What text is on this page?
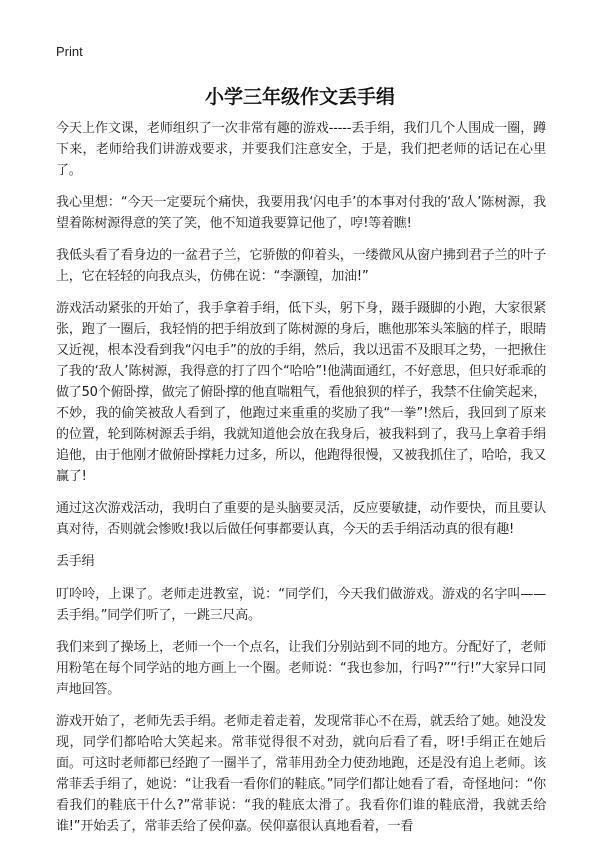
Print
小学三年级作文丢手绢

今天上作文课，老师组织了一次非常有趣的游戏-----丢手绢，我们几个人围成一圈，蹲下来，老师给我们讲游戏要求，并要我们注意安全，于是，我们把老师的话记在心里了。

我心里想：“今天一定要玩个痛快，我要用我‘闪电手’的本事对付我的‘敌人’陈树源，我望着陈树源得意的笑了笑，他不知道我要算记他了，哼!等着瞧!

我低头看了看身边的一盆君子兰，它骄傲的仰着头，一缕微风从窗户拂到君子兰的叶子上，它在轻轻的向我点头，仿佛在说：“李灏锽，加油!”

游戏活动紧张的开始了，我手拿着手绢，低下头，躬下身，蹑手蹑脚的小跑，大家很紧张，跑了一圈后，我轻悄的把手绢放到了陈树源的身后，瞧他那笨头笨脑的样子，眼睛又近视，根本没看到我“闪电手”的放的手绢，然后，我以迅雷不及眼耳之势，一把揪住了我的‘敌人’陈树源，我得意的打了四个“哈哈”!他满面通红，不好意思，但只好乖乖的做了50个俯卧撑，做完了俯卧撑的他直喘粗气，看他狼狈的样子，我禁不住偷笑起来，不妙，我的偷笑被敌人看到了，他跑过来重重的奖励了我“一拳”!然后，我回到了原来的位置，轮到陈树源丢手绢，我就知道他会放在我身后，被我料到了，我马上拿着手绢追他，由于他刚才做俯卧撑耗力过多，所以，他跑得很慢，又被我抓住了，哈哈，我又赢了!

通过这次游戏活动，我明白了重要的是头脑要灵活，反应要敏捷，动作要快，而且要认真对待，否则就会惨败!我以后做任何事都要认真，今天的丢手绢活动真的很有趣!

丢手绢

叮呤呤，上课了。老师走进教室，说：“同学们，今天我们做游戏。游戏的名字叫——丢手绢。”同学们听了，一跳三尺高。

我们来到了操场上，老师一个一个点名，让我们分别站到不同的地方。分配好了，老师用粉笔在每个同学站的地方画上一个圈。老师说：“我也参加，行吗?”“行!”大家异口同声地回答。

游戏开始了，老师先丢手绢。老师走着走着，发现常菲心不在焉，就丢给了她。她没发现，同学们都哈哈大笑起来。常菲觉得很不对劲，就向后看了看，呀!手绢正在她后面。可这时老师都已经跑了一圈半了，常菲用劲全力使劲地跑，还是没有追上老师。该常菲丢手绢了，她说：“让我看一看你们的鞋底。”同学们都让她看了看，奇怪地问：“你看我们的鞋底干什么?”常菲说：“我的鞋底太滑了。我看你们谁的鞋底滑，我就丢给谁!”开始丢了，常菲丢给了侯仰嘉。侯仰嘉很认真地看着，一看
